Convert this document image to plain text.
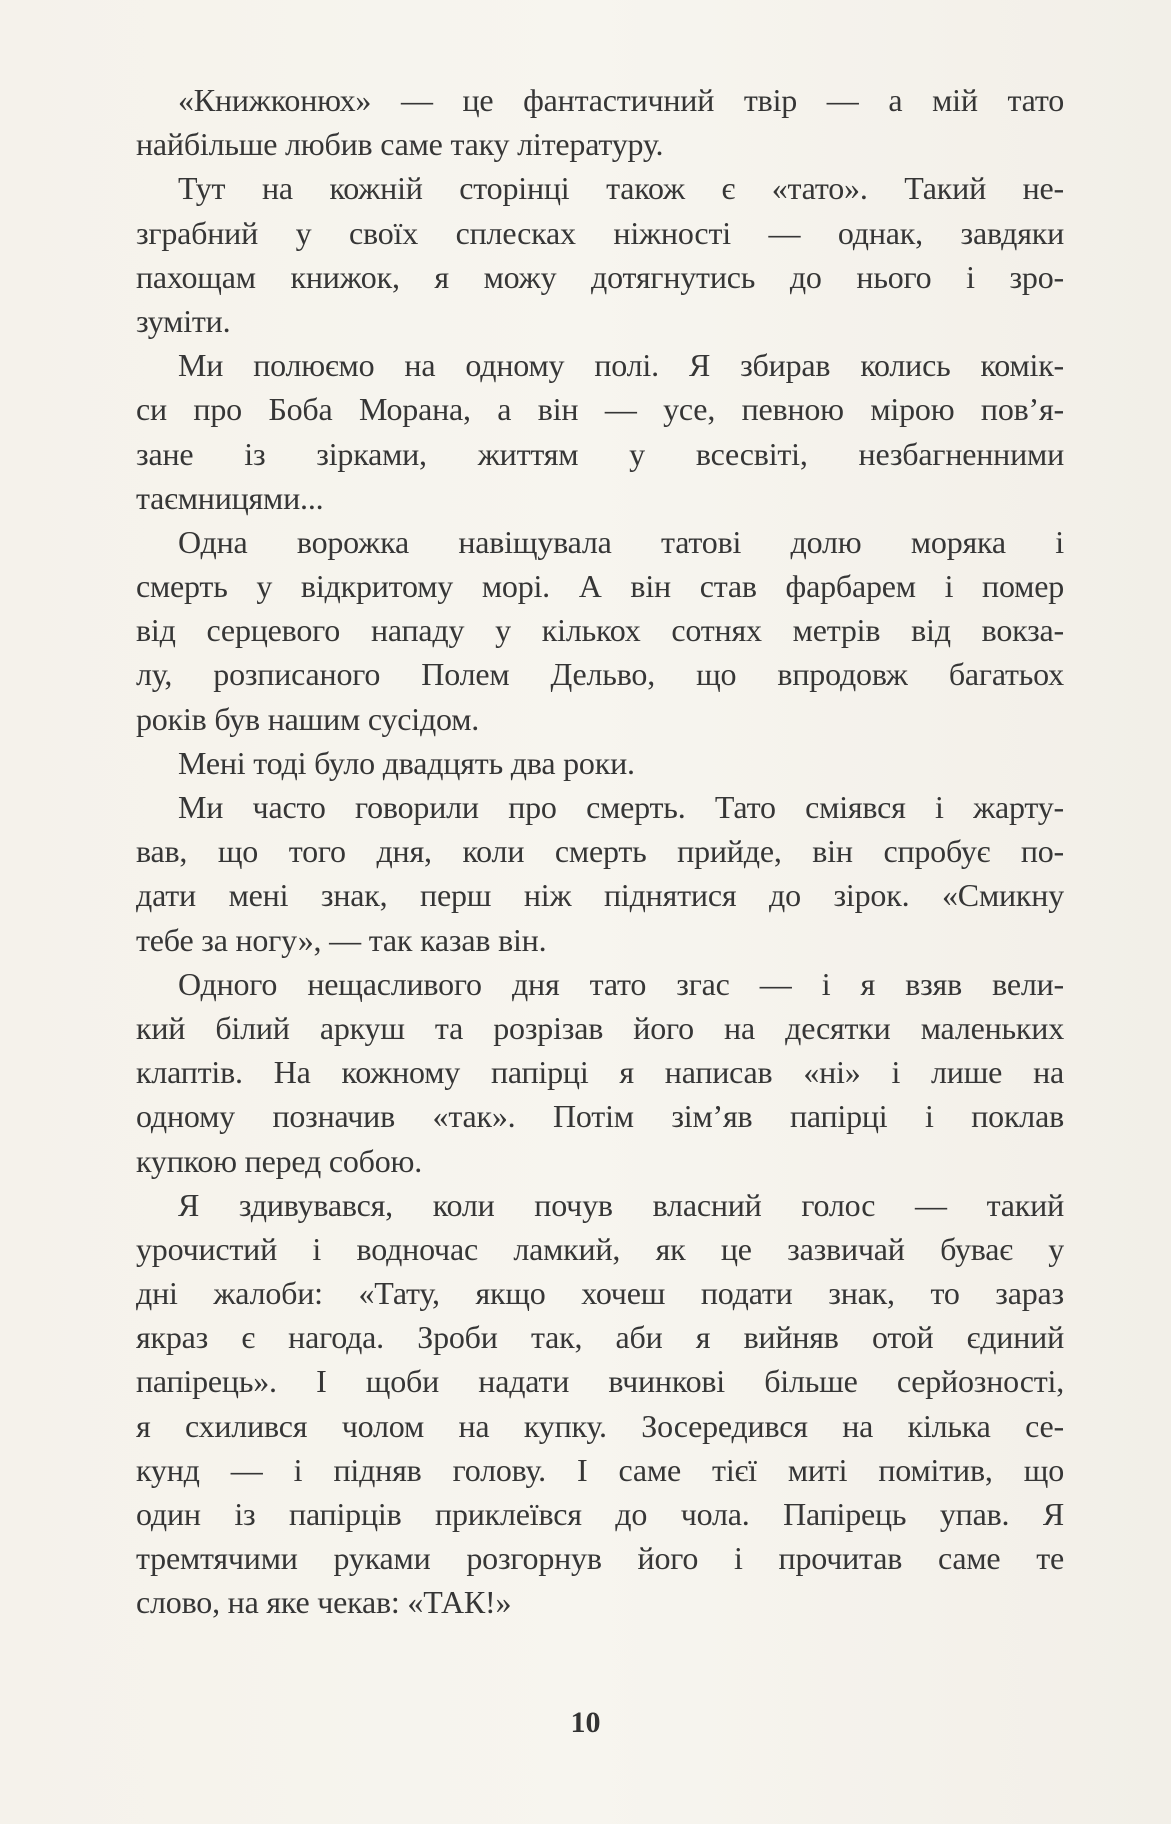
«Книжконюх» — це фантастичний твір — а мій тато
найбільше любив саме таку літературу.
Тут на кожній сторінці також є «тато». Такий не-
зграбний у своїх сплесках ніжності — однак, завдяки
пахощам книжок, я можу дотягнутись до нього і зро-
зуміти.
Ми полюємо на одному полі. Я збирав колись комік-
си про Боба Морана, а він — усе, певною мірою пов’я-
зане із зірками, життям у всесвіті, незбагненними
таємницями...
Одна ворожка навіщувала татові долю моряка і
смерть у відкритому морі. А він став фарбарем і помер
від серцевого нападу у кількох сотнях метрів від вокза-
лу, розписаного Полем Дельво, що впродовж багатьох
років був нашим сусідом.
Мені тоді було двадцять два роки.
Ми часто говорили про смерть. Тато сміявся і жарту-
вав, що того дня, коли смерть прийде, він спробує по-
дати мені знак, перш ніж піднятися до зірок. «Смикну
тебе за ногу», — так казав він.
Одного нещасливого дня тато згас — і я взяв вели-
кий білий аркуш та розрізав його на десятки маленьких
клаптів. На кожному папірці я написав «ні» і лише на
одному позначив «так». Потім зім’яв папірці і поклав
купкою перед собою.
Я здивувався, коли почув власний голос — такий
урочистий і водночас ламкий, як це зазвичай буває у
дні жалоби: «Тату, якщо хочеш подати знак, то зараз
якраз є нагода. Зроби так, аби я вийняв отой єдиний
папірець». І щоби надати вчинкові більше серйозності,
я схилився чолом на купку. Зосередився на кілька се-
кунд — і підняв голову. І саме тієї миті помітив, що
один із папірців приклеївся до чола. Папірець упав. Я
тремтячими руками розгорнув його і прочитав саме те
слово, на яке чекав: «ТАК!»
10
